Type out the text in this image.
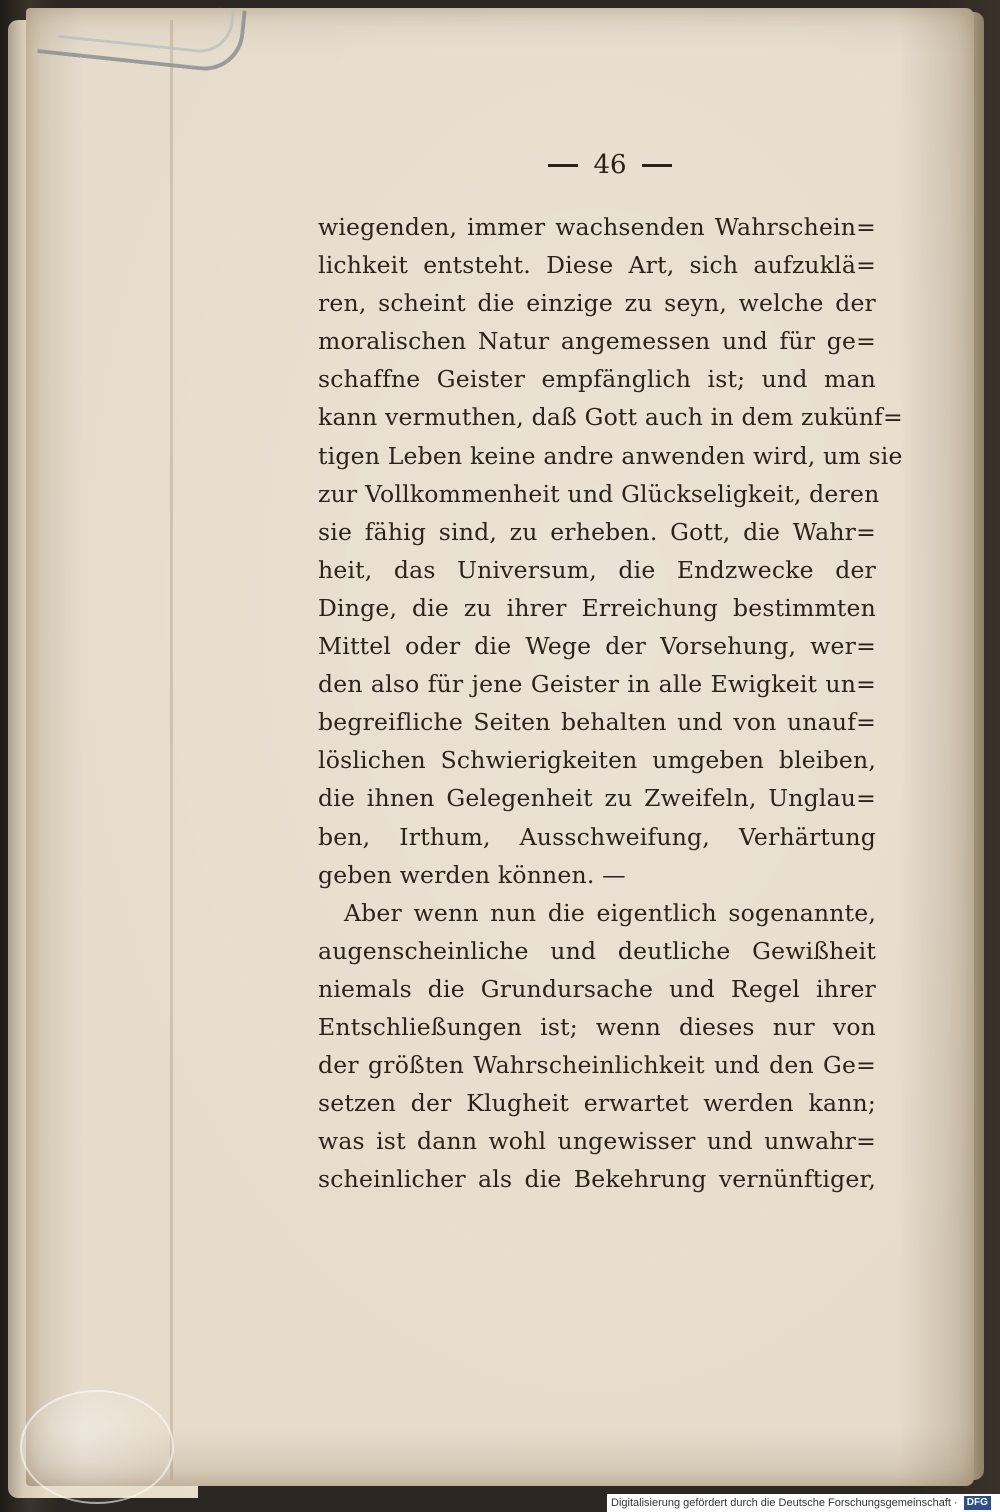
46
wiegenden, immer wachsenden Wahrschein=
lichkeit entsteht. Diese Art, sich aufzuklä=
ren, scheint die einzige zu seyn, welche der
moralischen Natur angemessen und für ge=
schaffne Geister empfänglich ist; und man
kann vermuthen, daß Gott auch in dem zukünf=
tigen Leben keine andre anwenden wird, um sie
zur Vollkommenheit und Glückseligkeit, deren
sie fähig sind, zu erheben. Gott, die Wahr=
heit, das Universum, die Endzwecke der
Dinge, die zu ihrer Erreichung bestimmten
Mittel oder die Wege der Vorsehung, wer=
den also für jene Geister in alle Ewigkeit un=
begreifliche Seiten behalten und von unauf=
löslichen Schwierigkeiten umgeben bleiben,
die ihnen Gelegenheit zu Zweifeln, Unglau=
ben, Irthum, Ausschweifung, Verhärtung
geben werden können. —
Aber wenn nun die eigentlich sogenannte,
augenscheinliche und deutliche Gewißheit
niemals die Grundursache und Regel ihrer
Entschließungen ist; wenn dieses nur von
der größten Wahrscheinlichkeit und den Ge=
setzen der Klugheit erwartet werden kann;
was ist dann wohl ungewisser und unwahr=
scheinlicher als die Bekehrung vernünftiger,
Digitalisierung gefördert durch die Deutsche Forschungsgemeinschaft · DFG
